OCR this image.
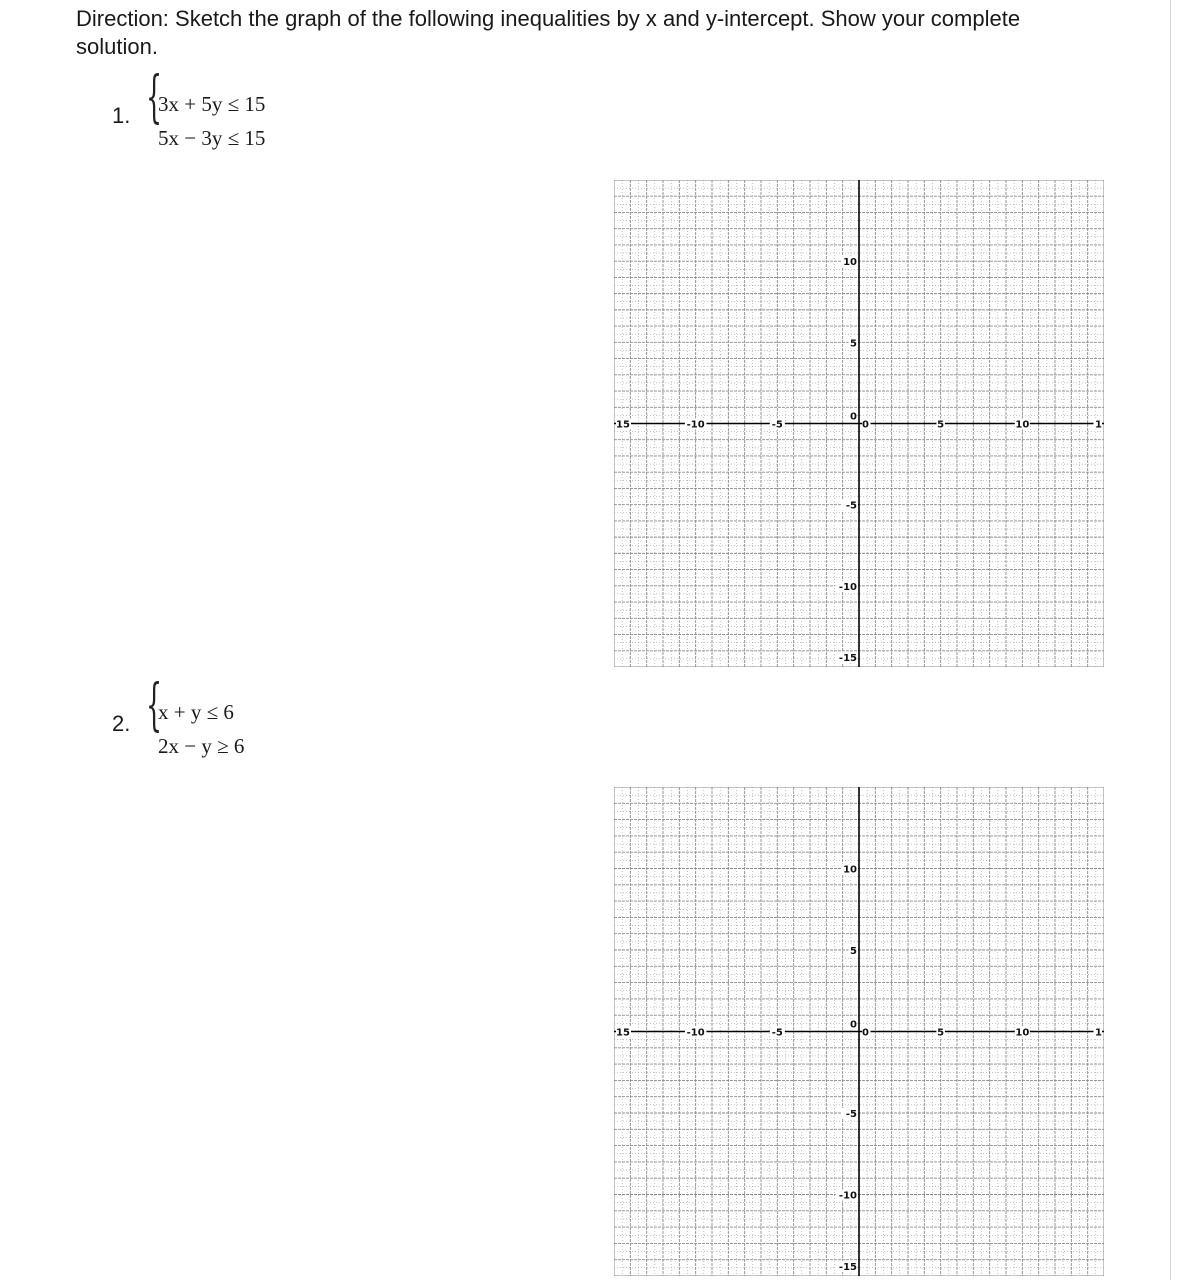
Direction: Sketch the graph of the following inequalities by x and y-intercept. Show your complete solution.

1. {
3x + 5y ≤ 15
5x − 3y ≤ 15
15	-10	-5	0	5	10	1
10
5
0
-5
-10
-15
2. {
x + y ≤ 6
2x − y ≥ 6
15	-10	-5	0	5	10	1
10
5
0
-5
-10
-15
